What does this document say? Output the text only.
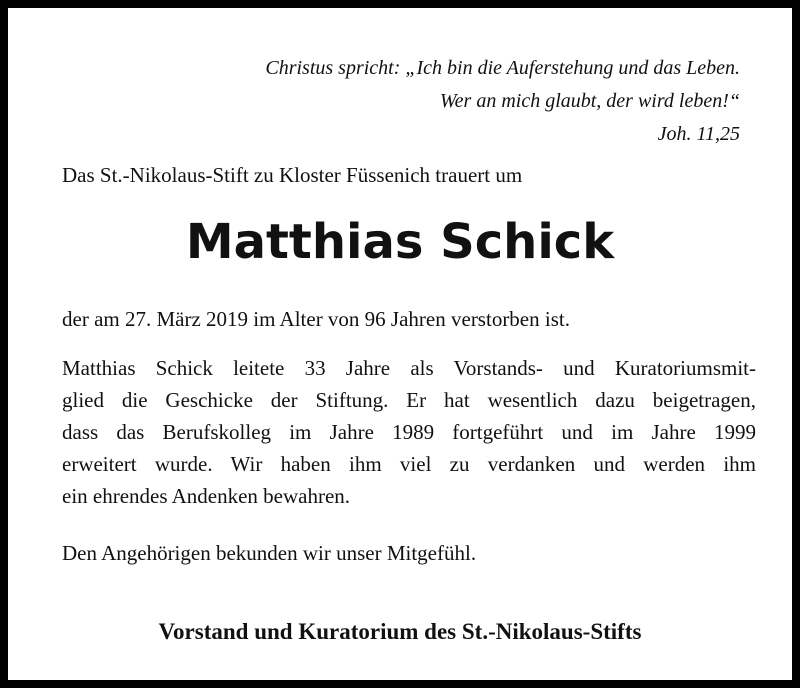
Christus spricht: „Ich bin die Auferstehung und das Leben.
Wer an mich glaubt, der wird leben!“
Joh. 11,25
Das St.-Nikolaus-Stift zu Kloster Füssenich trauert um
Matthias Schick
der am 27. März 2019 im Alter von 96 Jahren verstorben ist.
Matthias Schick leitete 33 Jahre als Vorstands- und Kuratoriumsmit-
glied die Geschicke der Stiftung. Er hat wesentlich dazu beigetragen,
dass das Berufskolleg im Jahre 1989 fortgeführt und im Jahre 1999
erweitert wurde. Wir haben ihm viel zu verdanken und werden ihm
ein ehrendes Andenken bewahren.
Den Angehörigen bekunden wir unser Mitgefühl.
Vorstand und Kuratorium des St.-Nikolaus-Stifts
